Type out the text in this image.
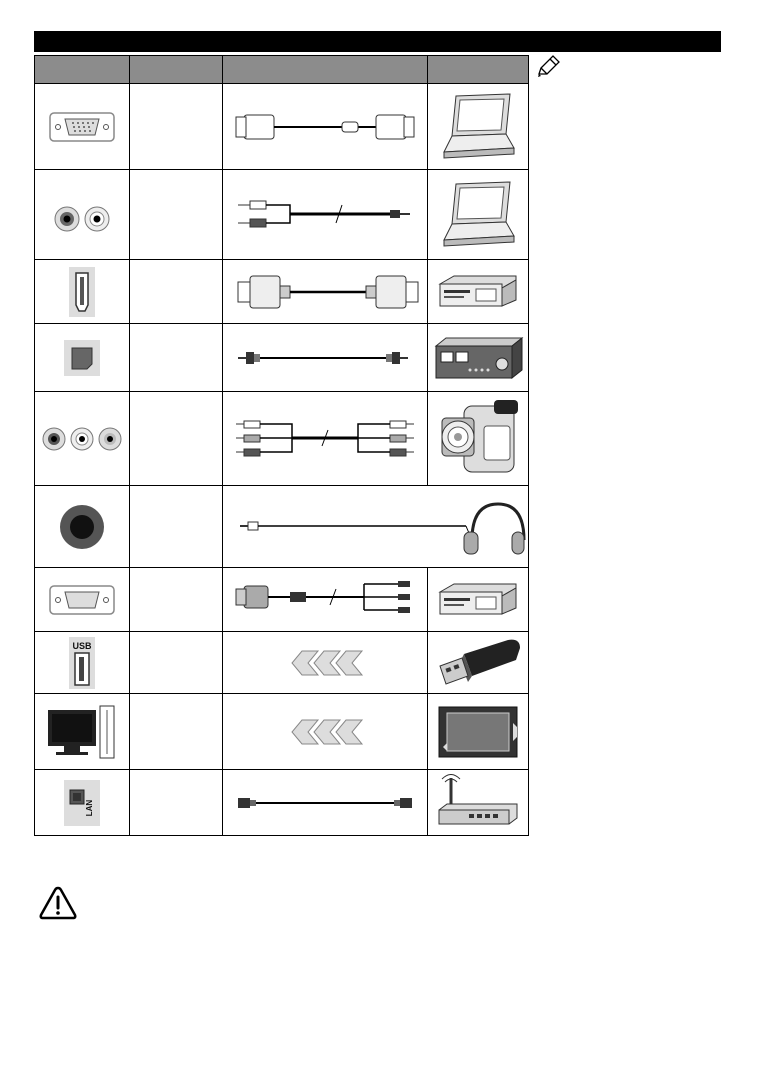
USB

LAN
